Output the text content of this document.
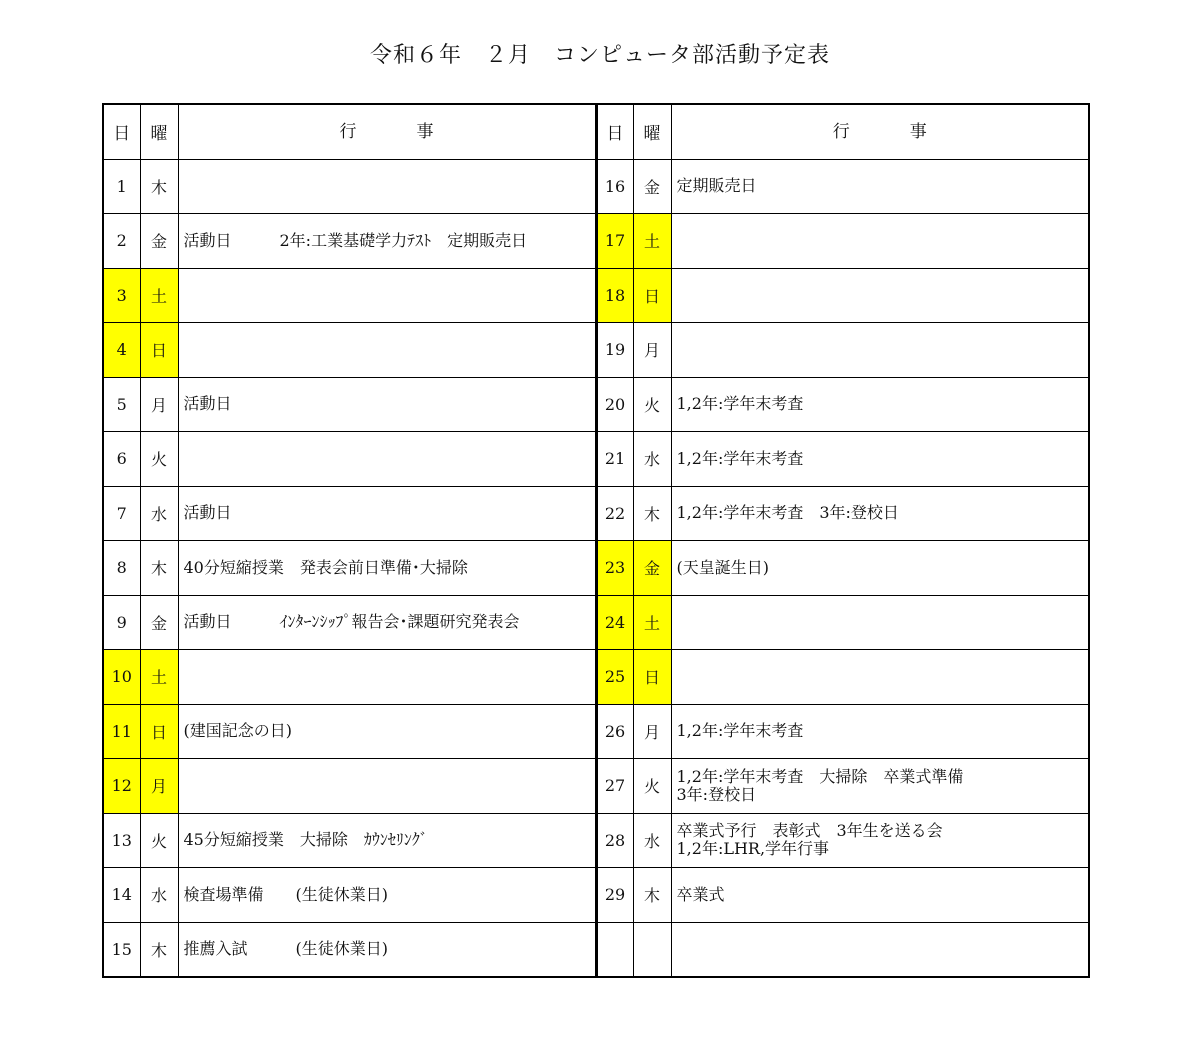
令和６年　２月　コンピュータ部活動予定表
日	曜	行事	日	曜	行事
1	木		16	金	定期販売日

2	金	活動日　　　2年:工業基礎学力ﾃｽﾄ　定期販売日	17	土	

3	土		18	日	

4	日		19	月	

5	月	活動日	20	火	1,2年:学年末考査

6	火		21	水	1,2年:学年末考査

7	水	活動日	22	木	1,2年:学年末考査　3年:登校日

8	木	40分短縮授業　発表会前日準備･大掃除	23	金	(天皇誕生日)

9	金	活動日　　　ｲﾝﾀｰﾝｼｯﾌﾟ報告会･課題研究発表会	24	土	

10	土		25	日	

11	日	(建国記念の日)	26	月	1,2年:学年末考査

12	月		27	火	1,2年:学年末考査　大掃除　卒業式準備
3年:登校日

13	火	45分短縮授業　大掃除　ｶｳﾝｾﾘﾝｸﾞ	28	水	卒業式予行　表彰式　3年生を送る会
1,2年:LHR,学年行事

14	水	検査場準備　　(生徒休業日)	29	木	卒業式

15	木	推薦入試　　　(生徒休業日)			
